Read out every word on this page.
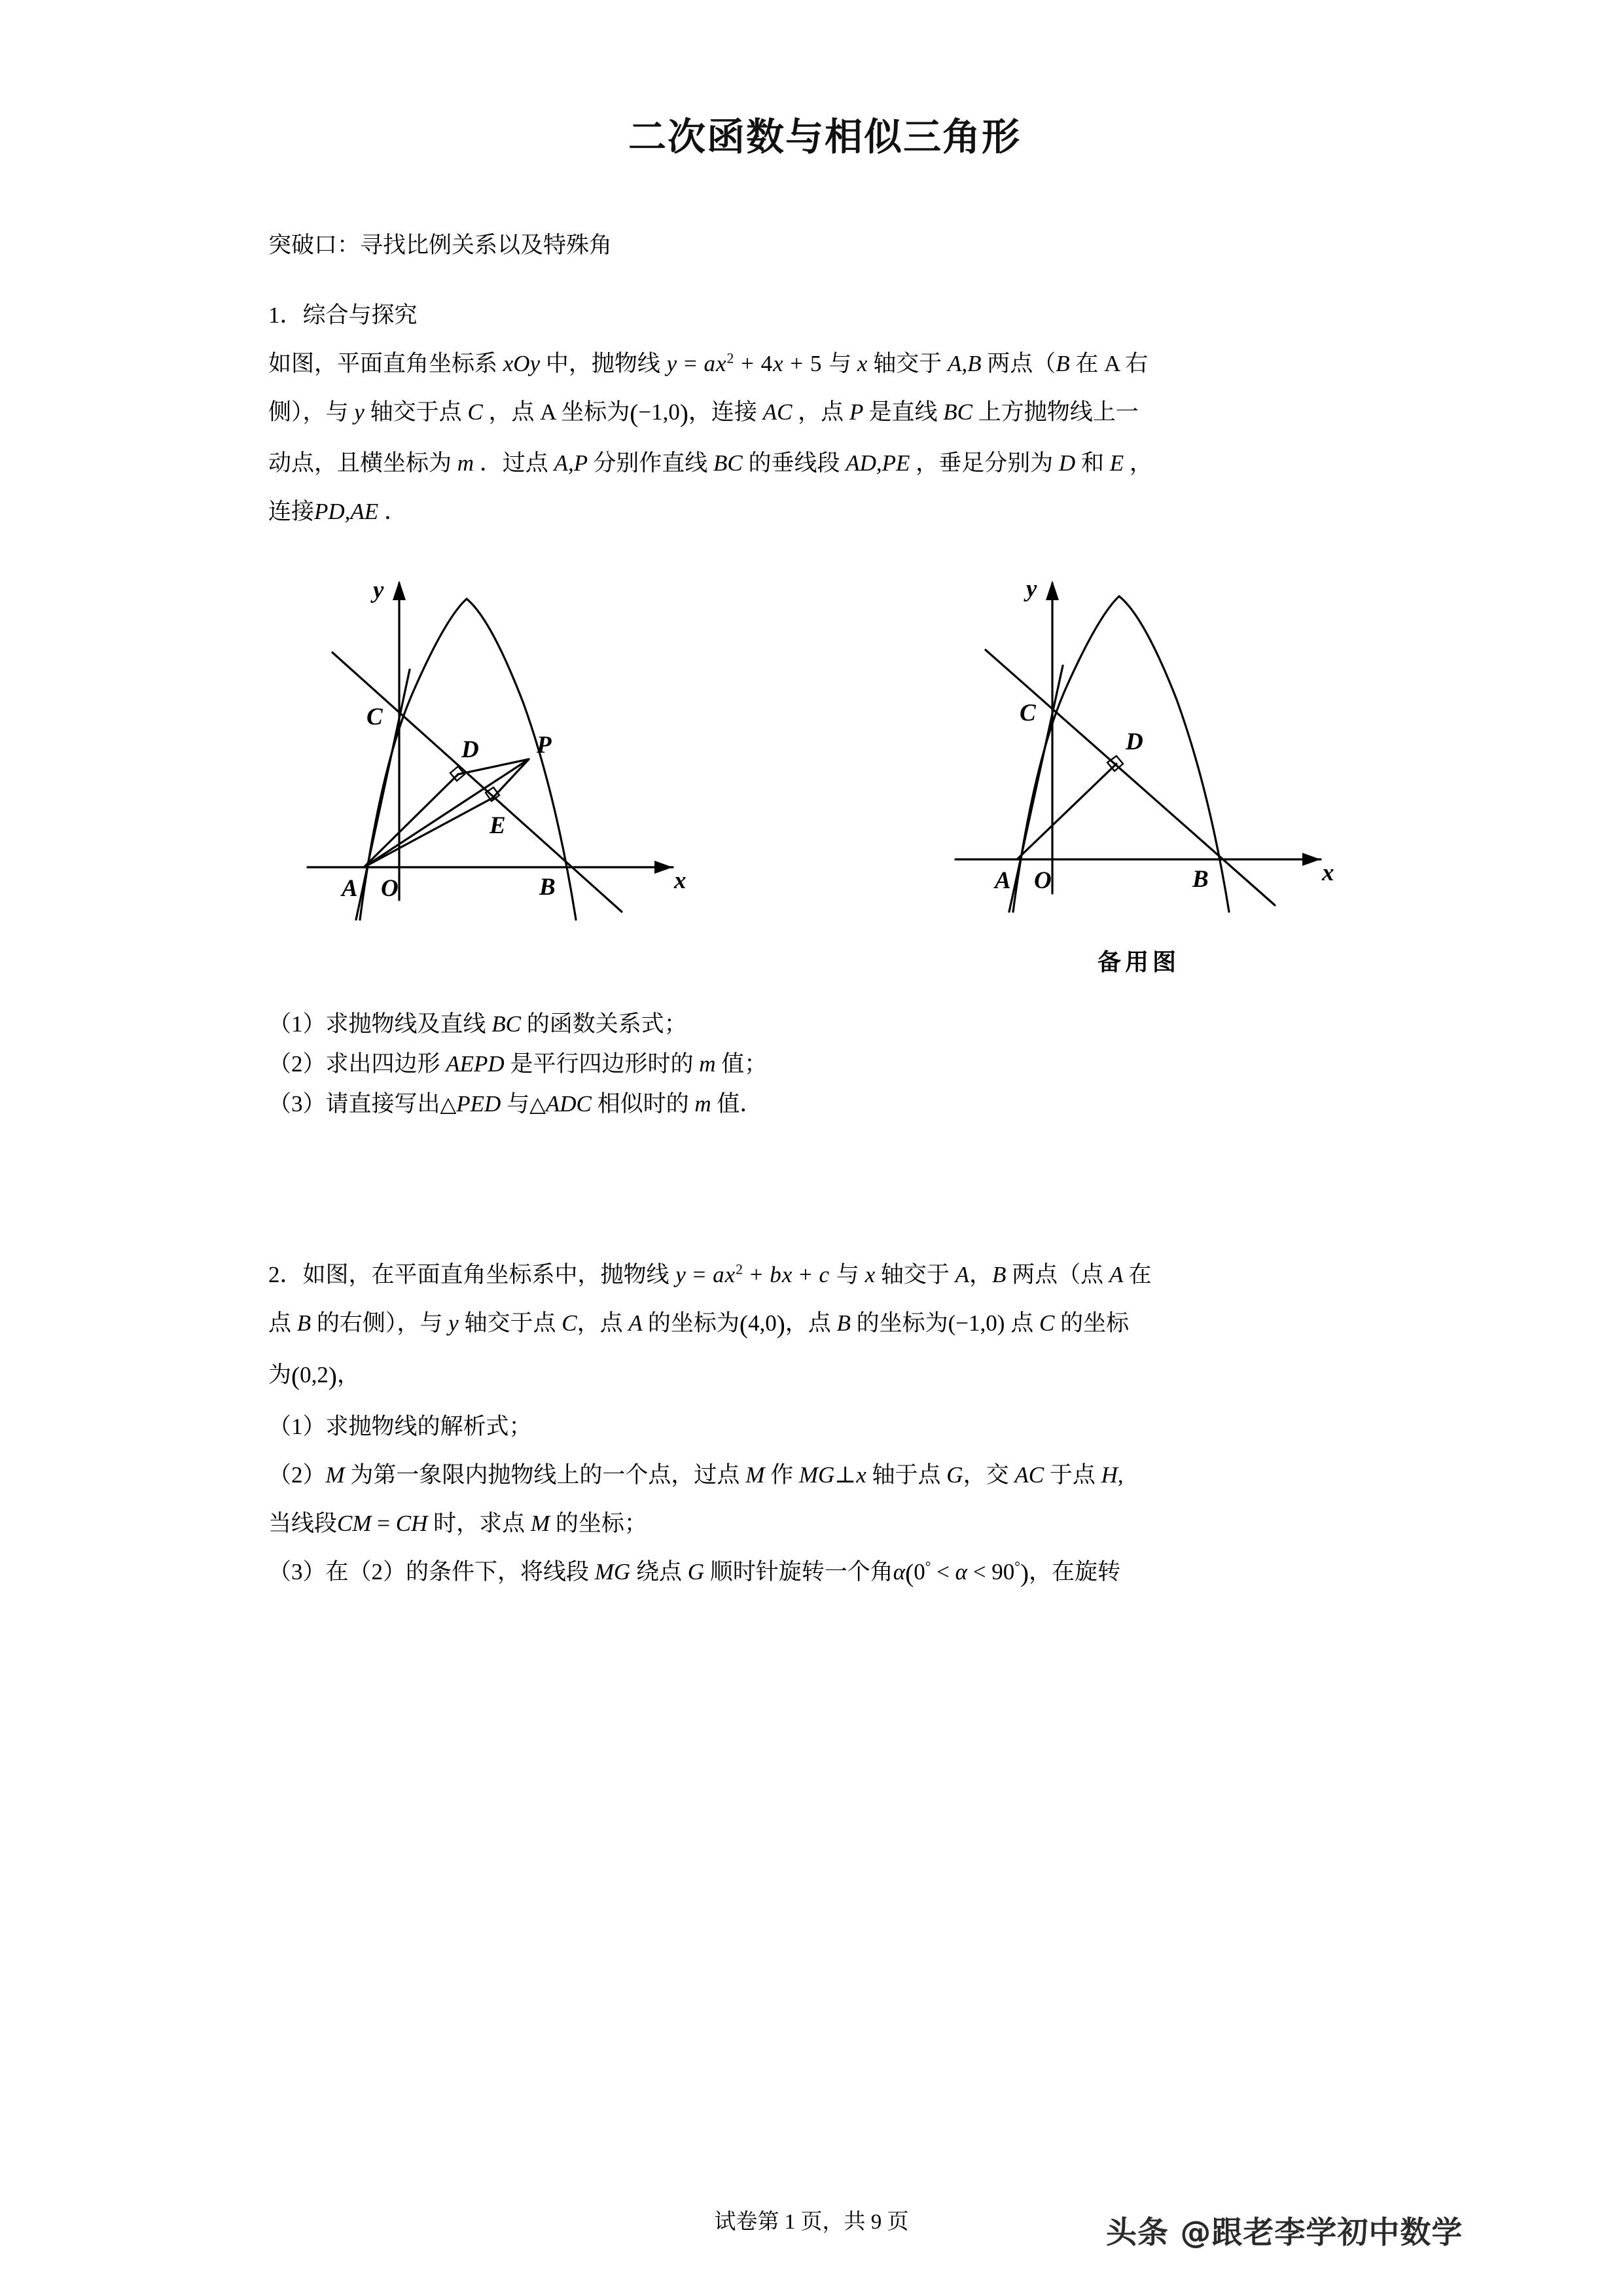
二次函数与相似三角形
突破口：寻找比例关系以及特殊角
1．综合与探究
如图，平面直角坐标系 xOy 中，抛物线 $y = ax^2 + 4x + 5$ 与 x 轴交于 A,B 两点（B 在 A 右
侧），与 y 轴交于点 C ，点 A 坐标为(−1,0)，连接 AC ，点 P 是直线 BC 上方抛物线上一
动点，且横坐标为 m ．过点 A,P 分别作直线 BC 的垂线段 AD,PE ，垂足分别为 D 和 E ，
连接PD,AE ．
y
x
C
D P
E
A O	B
y
x
C
D
A O	B
备用图
（1）求抛物线及直线 BC 的函数关系式；
（2）求出四边形 AEPD 是平行四边形时的 m 值；
（3）请直接写出△PED 与△ADC 相似时的 m 值．
2．如图，在平面直角坐标系中，抛物线 $y = ax^2$ + bx + c 与 x 轴交于 A，B 两点（点 A 在
点 B 的右侧），与 y 轴交于点 C，点 A 的坐标为(4,0)，点 B 的坐标为(−1,0) 点 C 的坐标
为(0,2)，
（1）求抛物线的解析式；
（2）M 为第一象限内抛物线上的一个点，过点 M 作 MG⊥x 轴于点 G，交 AC 于点 H,
当线段CM = CH 时，求点 M 的坐标；
（3）在（2）的条件下，将线段 MG 绕点 G 顺时针旋转一个角α(0° < α < 90°)，在旋转
试卷第 1 页，共 9 页	头条 @跟老李学初中数学
